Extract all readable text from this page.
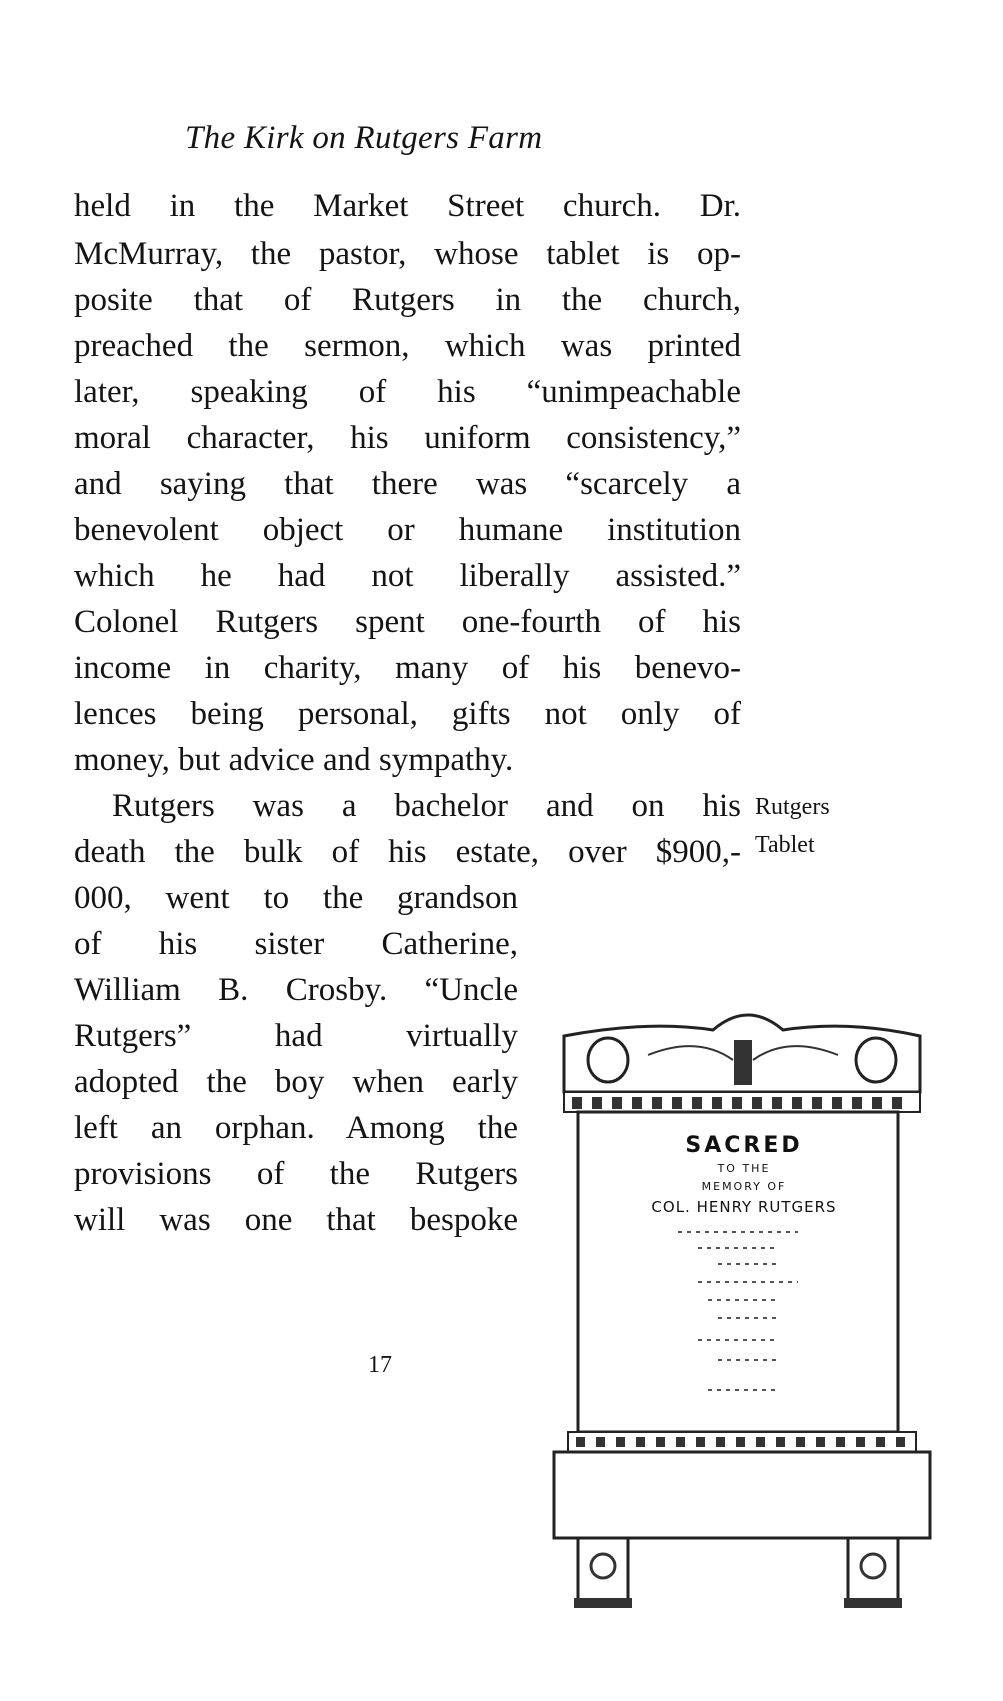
The Kirk on Rutgers Farm
held in the Market Street church. Dr.
McMurray, the pastor, whose tablet is op-
posite that of Rutgers in the church,
preached the sermon, which was printed
later, speaking of his “unimpeachable
moral character, his uniform consistency,”
and saying that there was “scarcely a
benevolent object or humane institution
which he had not liberally assisted.”
Colonel Rutgers spent one-fourth of his
income in charity, many of his benevo-
lences being personal, gifts not only of
money, but advice and sympathy.
Rutgers was a bachelor and on his
death the bulk of his estate, over $900,-
000, went to the grandson
of his sister Catherine,
William B. Crosby. “Uncle
Rutgers” had virtually
adopted the boy when early
left an orphan. Among the
provisions of the Rutgers
will was one that bespoke
Rutgers
Tablet
17
SACRED
TO THE
MEMORY OF
COL. HENRY RUTGERS
